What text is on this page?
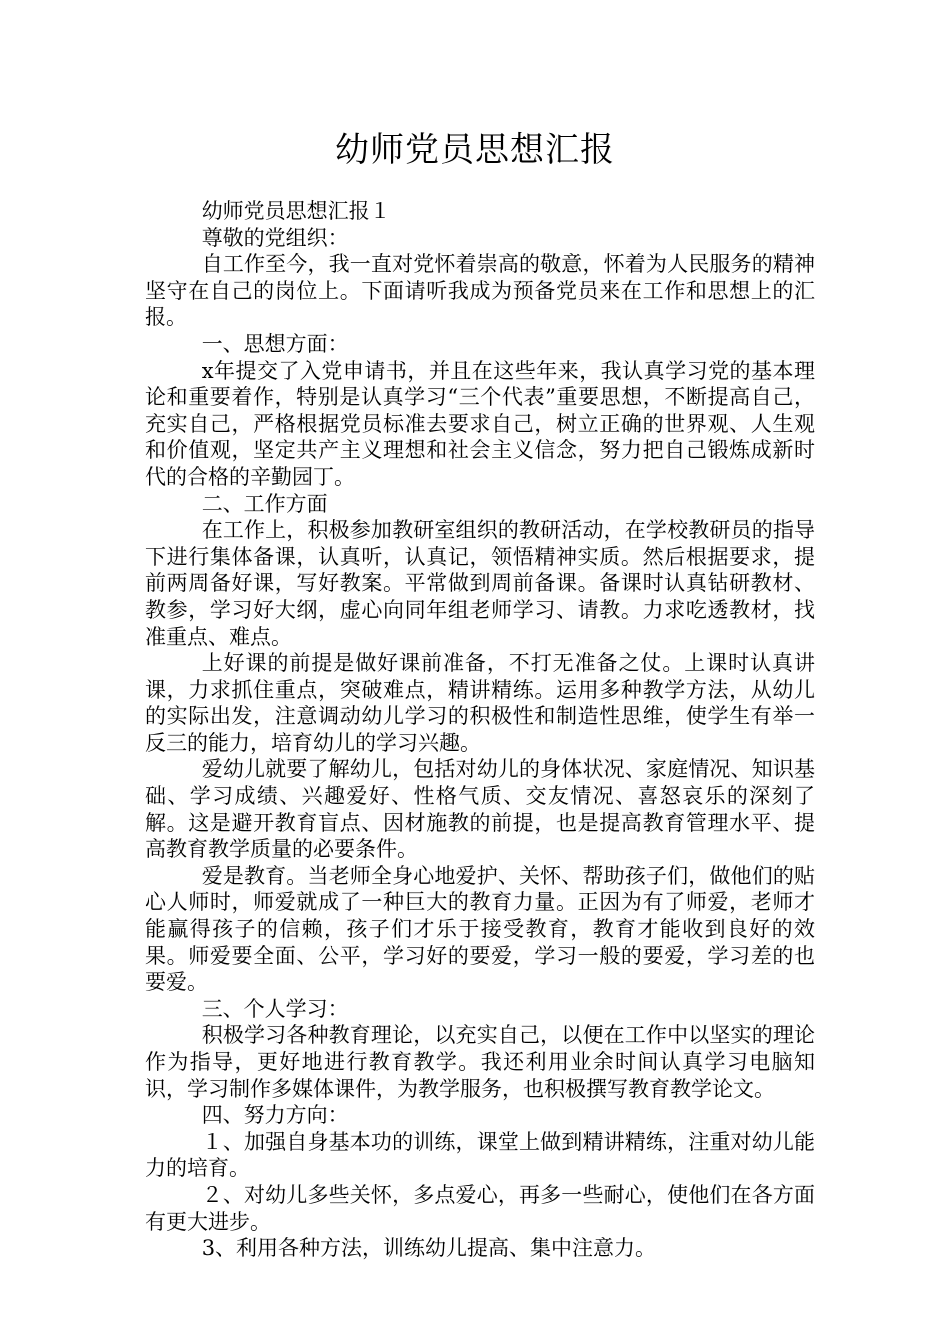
幼师党员思想汇报

幼师党员思想汇报１

尊敬的党组织：

自工作至今，我一直对党怀着崇高的敬意，怀着为人民服务的精神坚守在自己的岗位上。下面请听我成为预备党员来在工作和思想上的汇报。

一、思想方面：

x年提交了入党申请书，并且在这些年来，我认真学习党的基本理论和重要着作，特别是认真学习“三个代表”重要思想，不断提高自己，充实自己，严格根据党员标准去要求自己，树立正确的世界观、人生观和价值观，坚定共产主义理想和社会主义信念，努力把自己锻炼成新时代的合格的辛勤园丁。

二、工作方面

在工作上，积极参加教研室组织的教研活动，在学校教研员的指导下进行集体备课，认真听，认真记，领悟精神实质。然后根据要求，提前两周备好课，写好教案。平常做到周前备课。备课时认真钻研教材、教参，学习好大纲，虚心向同年组老师学习、请教。力求吃透教材，找准重点、难点。

上好课的前提是做好课前准备，不打无准备之仗。上课时认真讲课，力求抓住重点，突破难点，精讲精练。运用多种教学方法，从幼儿的实际出发，注意调动幼儿学习的积极性和制造性思维，使学生有举一反三的能力，培育幼儿的学习兴趣。

爱幼儿就要了解幼儿，包括对幼儿的身体状况、家庭情况、知识基础、学习成绩、兴趣爱好、性格气质、交友情况、喜怒哀乐的深刻了解。这是避开教育盲点、因材施教的前提，也是提高教育管理水平、提高教育教学质量的必要条件。

爱是教育。当老师全身心地爱护、关怀、帮助孩子们，做他们的贴心人师时，师爱就成了一种巨大的教育力量。正因为有了师爱，老师才能赢得孩子的信赖，孩子们才乐于接受教育，教育才能收到良好的效果。师爱要全面、公平，学习好的要爱，学习一般的要爱，学习差的也要爱。

三、个人学习：

积极学习各种教育理论，以充实自己，以便在工作中以坚实的理论作为指导，更好地进行教育教学。我还利用业余时间认真学习电脑知识，学习制作多媒体课件，为教学服务，也积极撰写教育教学论文。

四、努力方向：

１、加强自身基本功的训练，课堂上做到精讲精练，注重对幼儿能力的培育。

２、对幼儿多些关怀，多点爱心，再多一些耐心，使他们在各方面有更大进步。

3、利用各种方法，训练幼儿提高、集中注意力。
